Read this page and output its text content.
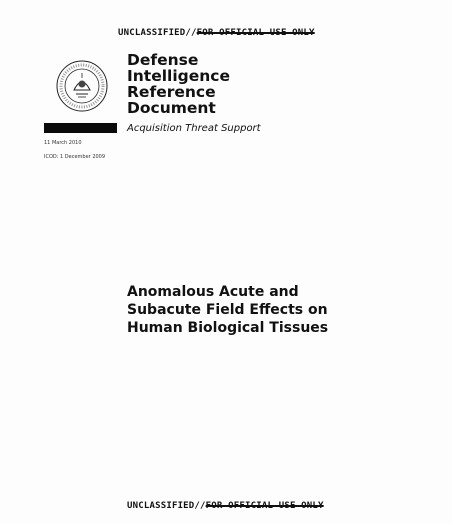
UNCLASSIFIED//FOR OFFICIAL USE ONLY
Defense
Intelligence
Reference
Document
Acquisition Threat Support
11 March 2010
ICOD: 1 December 2009
Anomalous Acute and
Subacute Field Effects on
Human Biological Tissues
UNCLASSIFIED//FOR OFFICIAL USE ONLY
